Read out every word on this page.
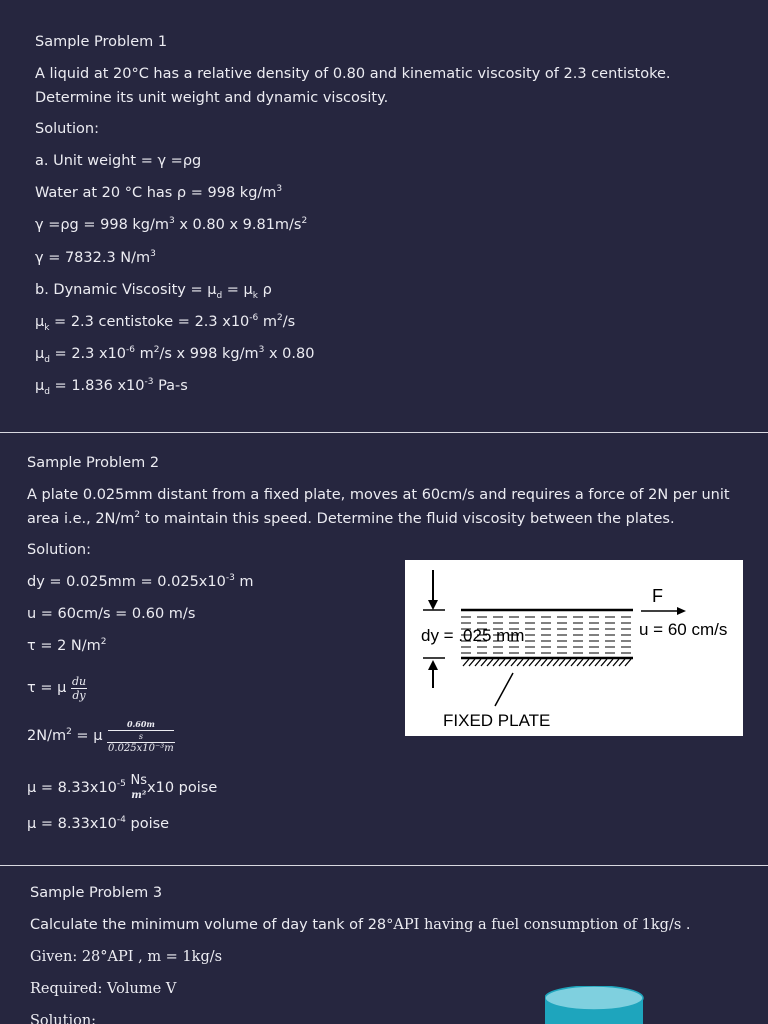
Sample Problem 1
A liquid at 20°C has a relative density of 0.80 and kinematic viscosity of 2.3 centistoke. Determine its unit weight and dynamic viscosity.
Solution:
a. Unit weight = γ =ρg
Water at 20 °C has ρ = 998 $kg/m^3$
γ =ρg = 998 $kg/m^3$ x 0.80 x $9.81m/s^2$
γ = 7832.3 $N/m^3$
b. Dynamic Viscosity = $\mu_d = \mu_k$ ρ
$\mu_k = 2.3$ centistoke = 2.3 $x10^{-6}$ $m^2/s$
$\mu_d = 2.3$ $x10^{-6}$ $m^2/s$ x 998 $kg/m^3$ x 0.80
$\mu_d = 1.836$ $x10^{-3}$ Pa-s
Sample Problem 2
A plate 0.025mm distant from a fixed plate, moves at 60cm/s and requires a force of 2N per unit area i.e., $2N/m^2$ to maintain this speed. Determine the fluid viscosity between the plates.
Solution:
dy = $0.025mm = 0.025x10^{-3}$ m
u = 60cm/s = 0.60 m/s
τ = 2 $N/m^2$
τ = μ $\frac{du}{dy}$
$2N/m^2 = \mu$ 0.60m
s
0.025x10⁻³m
$\mu = 8.33x10^{-5}$ Ns
m² x10 poise
$\mu = 8.33x10^{-4}$ poise
F
dy = .025 mm	u = 60 cm/s
FIXED PLATE
Sample Problem 3
Calculate the minimum volume of day tank of 28°API having a fuel consumption of 1kg/s .
Given: 28°API , m = 1kg/s
Required: Volume V
Solution:
